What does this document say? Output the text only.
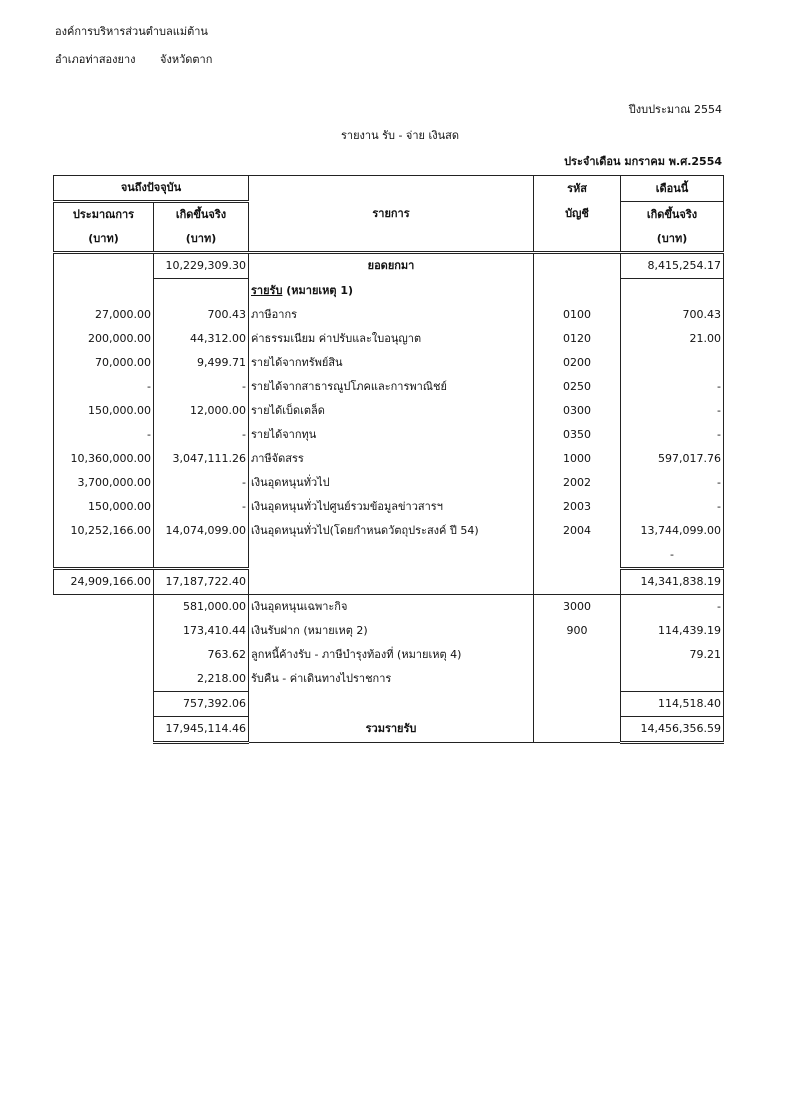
องค์การบริหารส่วนตำบลแม่ต้าน
อำเภอท่าสองยาง จังหวัดตาก
ปีงบประมาณ 2554
รายงาน รับ - จ่าย เงินสด
ประจำเดือน มกราคม พ.ศ.2554
จนถึงปัจจุบัน			รหัส	เดือนนี้
ประมาณการ	เกิดขึ้นจริง	รายการ	บัญชี	เกิดขึ้นจริง
(บาท)	(บาท)			(บาท)
	10,229,309.30	ยอดยกมา		8,415,254.17
		รายรับ (หมายเหตุ 1)		
27,000.00	700.43	ภาษีอากร	0100	700.43
200,000.00	44,312.00	ค่าธรรมเนียม ค่าปรับและใบอนุญาต	0120	21.00
70,000.00	9,499.71	รายได้จากทรัพย์สิน	0200	
-	-	รายได้จากสาธารณูปโภคและการพาณิชย์	0250	-
150,000.00	12,000.00	รายได้เบ็ดเตล็ด	0300	-
-	-	รายได้จากทุน	0350	-
10,360,000.00	3,047,111.26	ภาษีจัดสรร	1000	597,017.76
3,700,000.00	-	เงินอุดหนุนทั่วไป	2002	-
150,000.00	-	เงินอุดหนุนทั่วไปศูนย์รวมข้อมูลข่าวสารฯ	2003	-
10,252,166.00	14,074,099.00	เงินอุดหนุนทั่วไป(โดยกำหนดวัตถุประสงค์ ปี 54)	2004	13,744,099.00
				-
24,909,166.00	17,187,722.40			14,341,838.19
	581,000.00	เงินอุดหนุนเฉพาะกิจ	3000	-
	173,410.44	เงินรับฝาก (หมายเหตุ 2)	900	114,439.19
	763.62	ลูกหนี้ค้างรับ - ภาษีบำรุงท้องที่ (หมายเหตุ 4)		79.21
	2,218.00	รับคืน - ค่าเดินทางไปราชการ		
	757,392.06			114,518.40
	17,945,114.46	รวมรายรับ		14,456,356.59
